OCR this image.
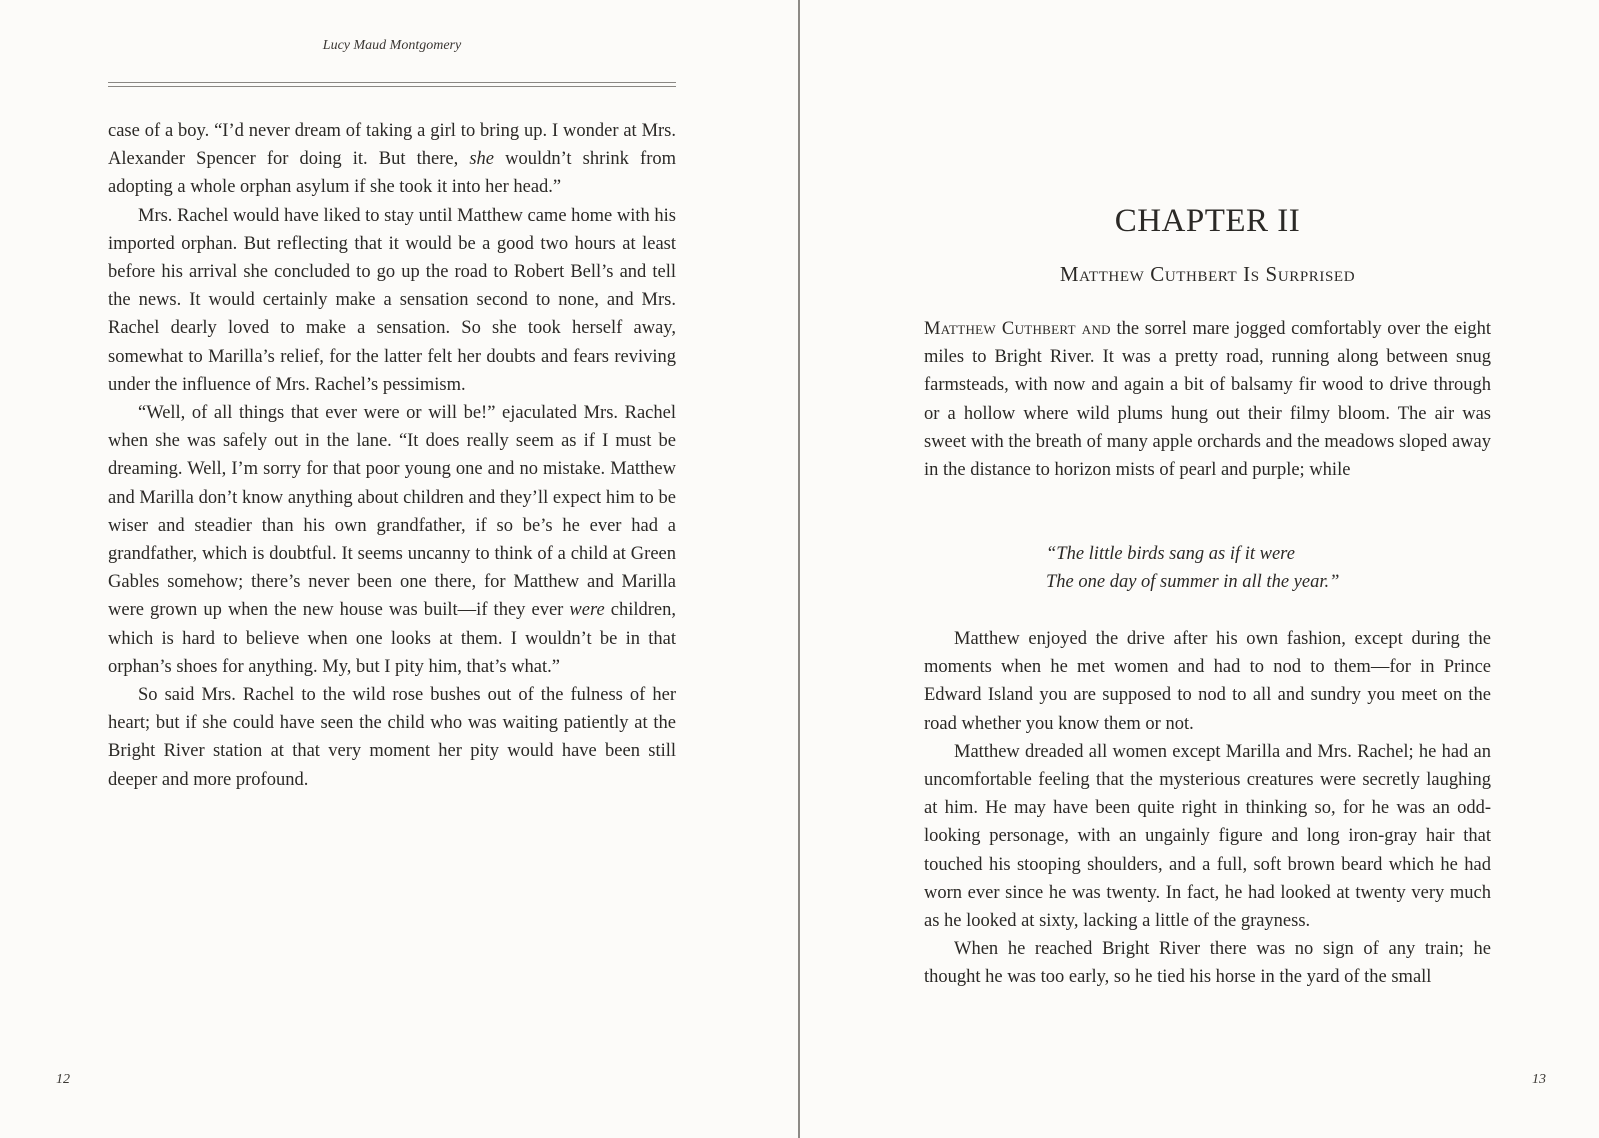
Lucy Maud Montgomery

case of a boy. “I’d never dream of taking a girl to bring up. I wonder at Mrs. Alexander Spencer for doing it. But there, she wouldn’t shrink from adopting a whole orphan asylum if she took it into her head.”

Mrs. Rachel would have liked to stay until Matthew came home with his imported orphan. But reflecting that it would be a good two hours at least before his arrival she concluded to go up the road to Robert Bell’s and tell the news. It would certainly make a sensation second to none, and Mrs. Rachel dearly loved to make a sensation. So she took herself away, somewhat to Marilla’s relief, for the latter felt her doubts and fears reviving under the influence of Mrs. Rachel’s pessimism.

“Well, of all things that ever were or will be!” ejaculated Mrs. Rachel when she was safely out in the lane. “It does really seem as if I must be dreaming. Well, I’m sorry for that poor young one and no mistake. Matthew and Marilla don’t know anything about children and they’ll expect him to be wiser and steadier than his own grandfather, if so be’s he ever had a grandfather, which is doubtful. It seems uncanny to think of a child at Green Gables somehow; there’s never been one there, for Matthew and Marilla were grown up when the new house was built—if they ever were children, which is hard to believe when one looks at them. I wouldn’t be in that orphan’s shoes for anything. My, but I pity him, that’s what.”

So said Mrs. Rachel to the wild rose bushes out of the fulness of her heart; but if she could have seen the child who was waiting patiently at the Bright River station at that very moment her pity would have been still deeper and more profound.

12
CHAPTER II
Matthew Cuthbert Is Surprised

Matthew Cuthbert and the sorrel mare jogged comfortably over the eight miles to Bright River. It was a pretty road, running along between snug farmsteads, with now and again a bit of balsamy fir wood to drive through or a hollow where wild plums hung out their filmy bloom. The air was sweet with the breath of many apple orchards and the meadows sloped away in the distance to horizon mists of pearl and purple; while

“The little birds sang as if it were
The one day of summer in all the year.”

Matthew enjoyed the drive after his own fashion, except during the moments when he met women and had to nod to them—for in Prince Edward Island you are supposed to nod to all and sundry you meet on the road whether you know them or not.

Matthew dreaded all women except Marilla and Mrs. Rachel; he had an uncomfortable feeling that the mysterious creatures were secretly laughing at him. He may have been quite right in thinking so, for he was an odd-looking personage, with an ungainly figure and long iron-gray hair that touched his stooping shoulders, and a full, soft brown beard which he had worn ever since he was twenty. In fact, he had looked at twenty very much as he looked at sixty, lacking a little of the grayness.

When he reached Bright River there was no sign of any train; he thought he was too early, so he tied his horse in the yard of the small

13
